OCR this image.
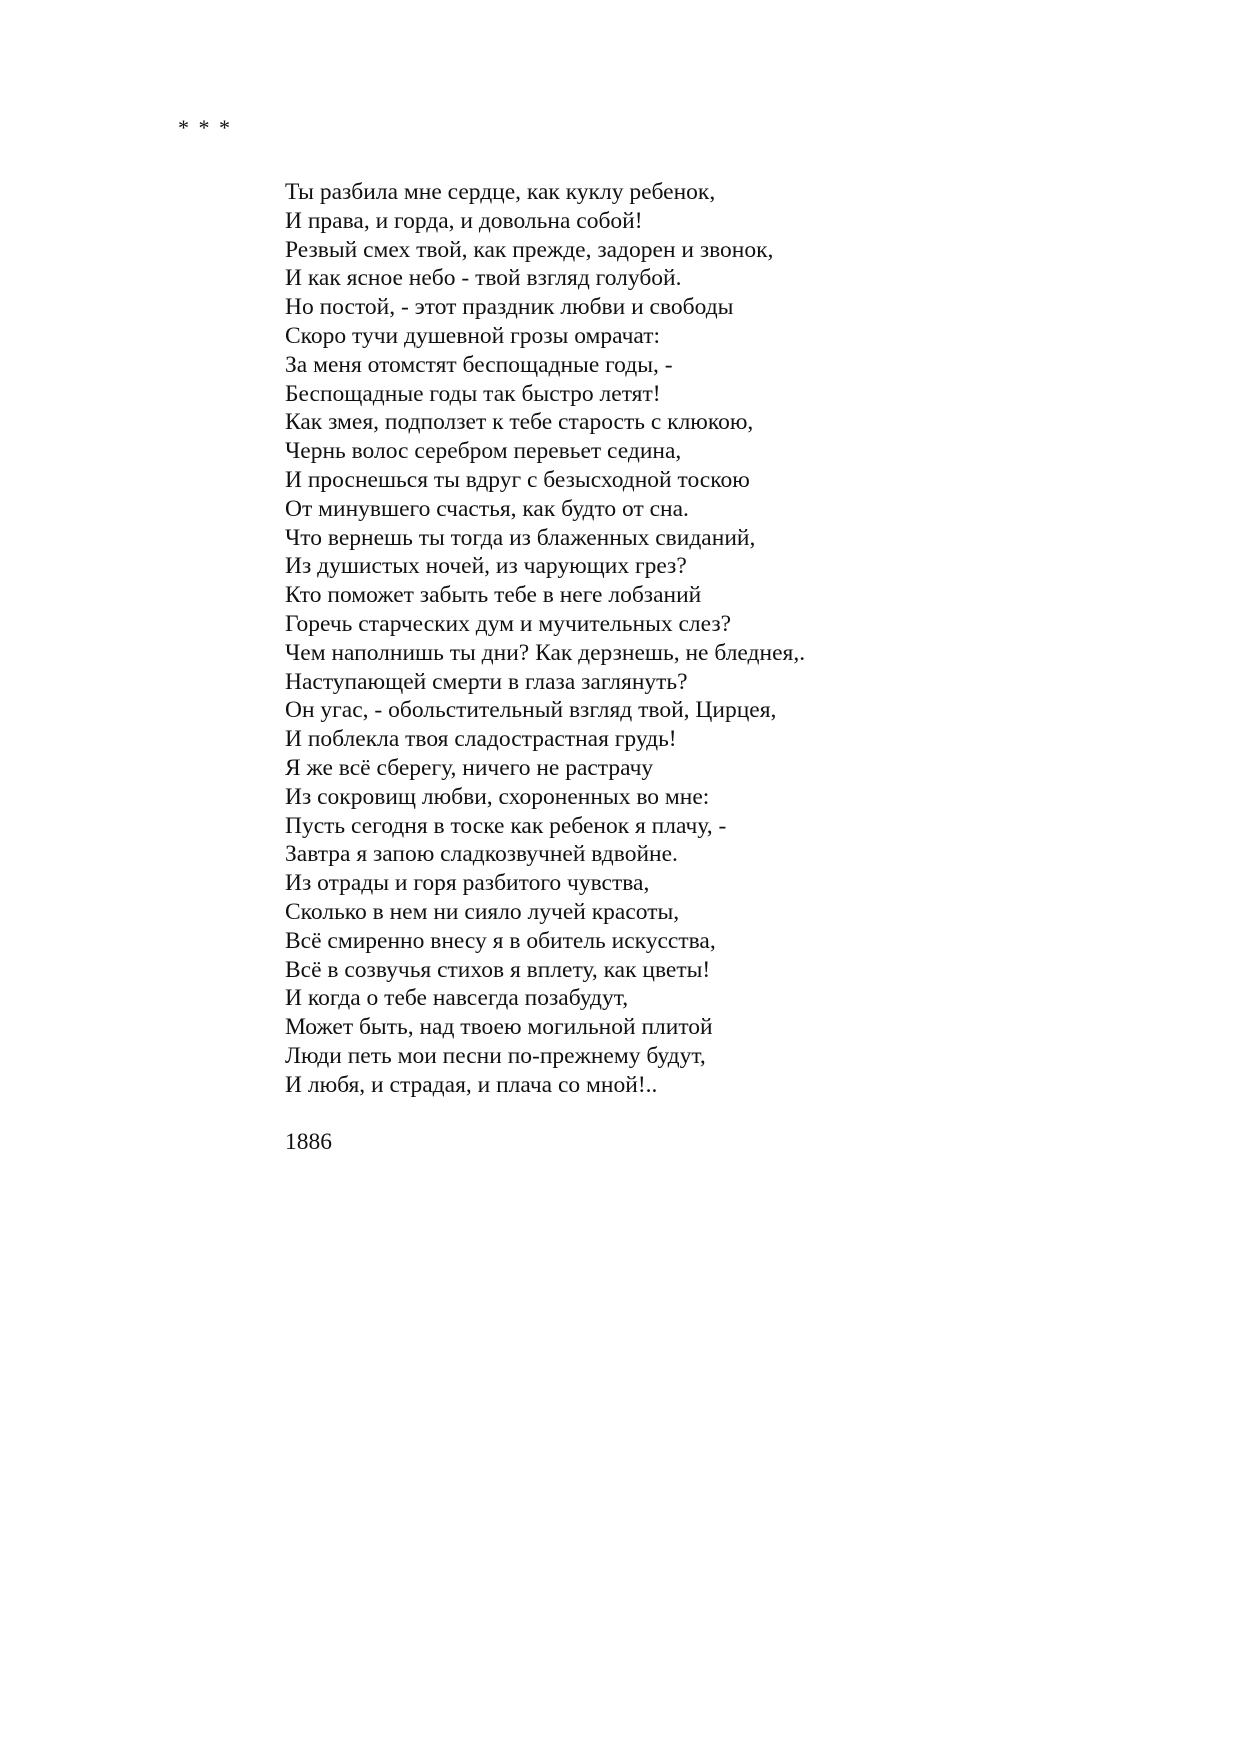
* * *
Ты разбила мне сердце, как куклу ребенок,
И права, и горда, и довольна собой!
Резвый смех твой, как прежде, задорен и звонок,
И как ясное небо - твой взгляд голубой.
Но постой, - этот праздник любви и свободы
Скоро тучи душевной грозы омрачат:
За меня отомстят беспощадные годы, -
Беспощадные годы так быстро летят!
Как змея, подползет к тебе старость с клюкою,
Чернь волос серебром перевьет седина,
И проснешься ты вдруг с безысходной тоскою
От минувшего счастья, как будто от сна.
Что вернешь ты тогда из блаженных свиданий,
Из душистых ночей, из чарующих грез?
Кто поможет забыть тебе в неге лобзаний
Горечь старческих дум и мучительных слез?
Чем наполнишь ты дни? Как дерзнешь, не бледнея,.
Наступающей смерти в глаза заглянуть?
Он угас, - обольстительный взгляд твой, Цирцея,
И поблекла твоя сладострастная грудь!
Я же всё сберегу, ничего не растрачу
Из сокровищ любви, схороненных во мне:
Пусть сегодня в тоске как ребенок я плачу, -
Завтра я запою сладкозвучней вдвойне.
Из отрады и горя разбитого чувства,
Сколько в нем ни сияло лучей красоты,
Всё смиренно внесу я в обитель искусства,
Всё в созвучья стихов я вплету, как цветы!
И когда о тебе навсегда позабудут,
Может быть, над твоею могильной плитой
Люди петь мои песни по-прежнему будут,
И любя, и страдая, и плача со мной!..
1886
